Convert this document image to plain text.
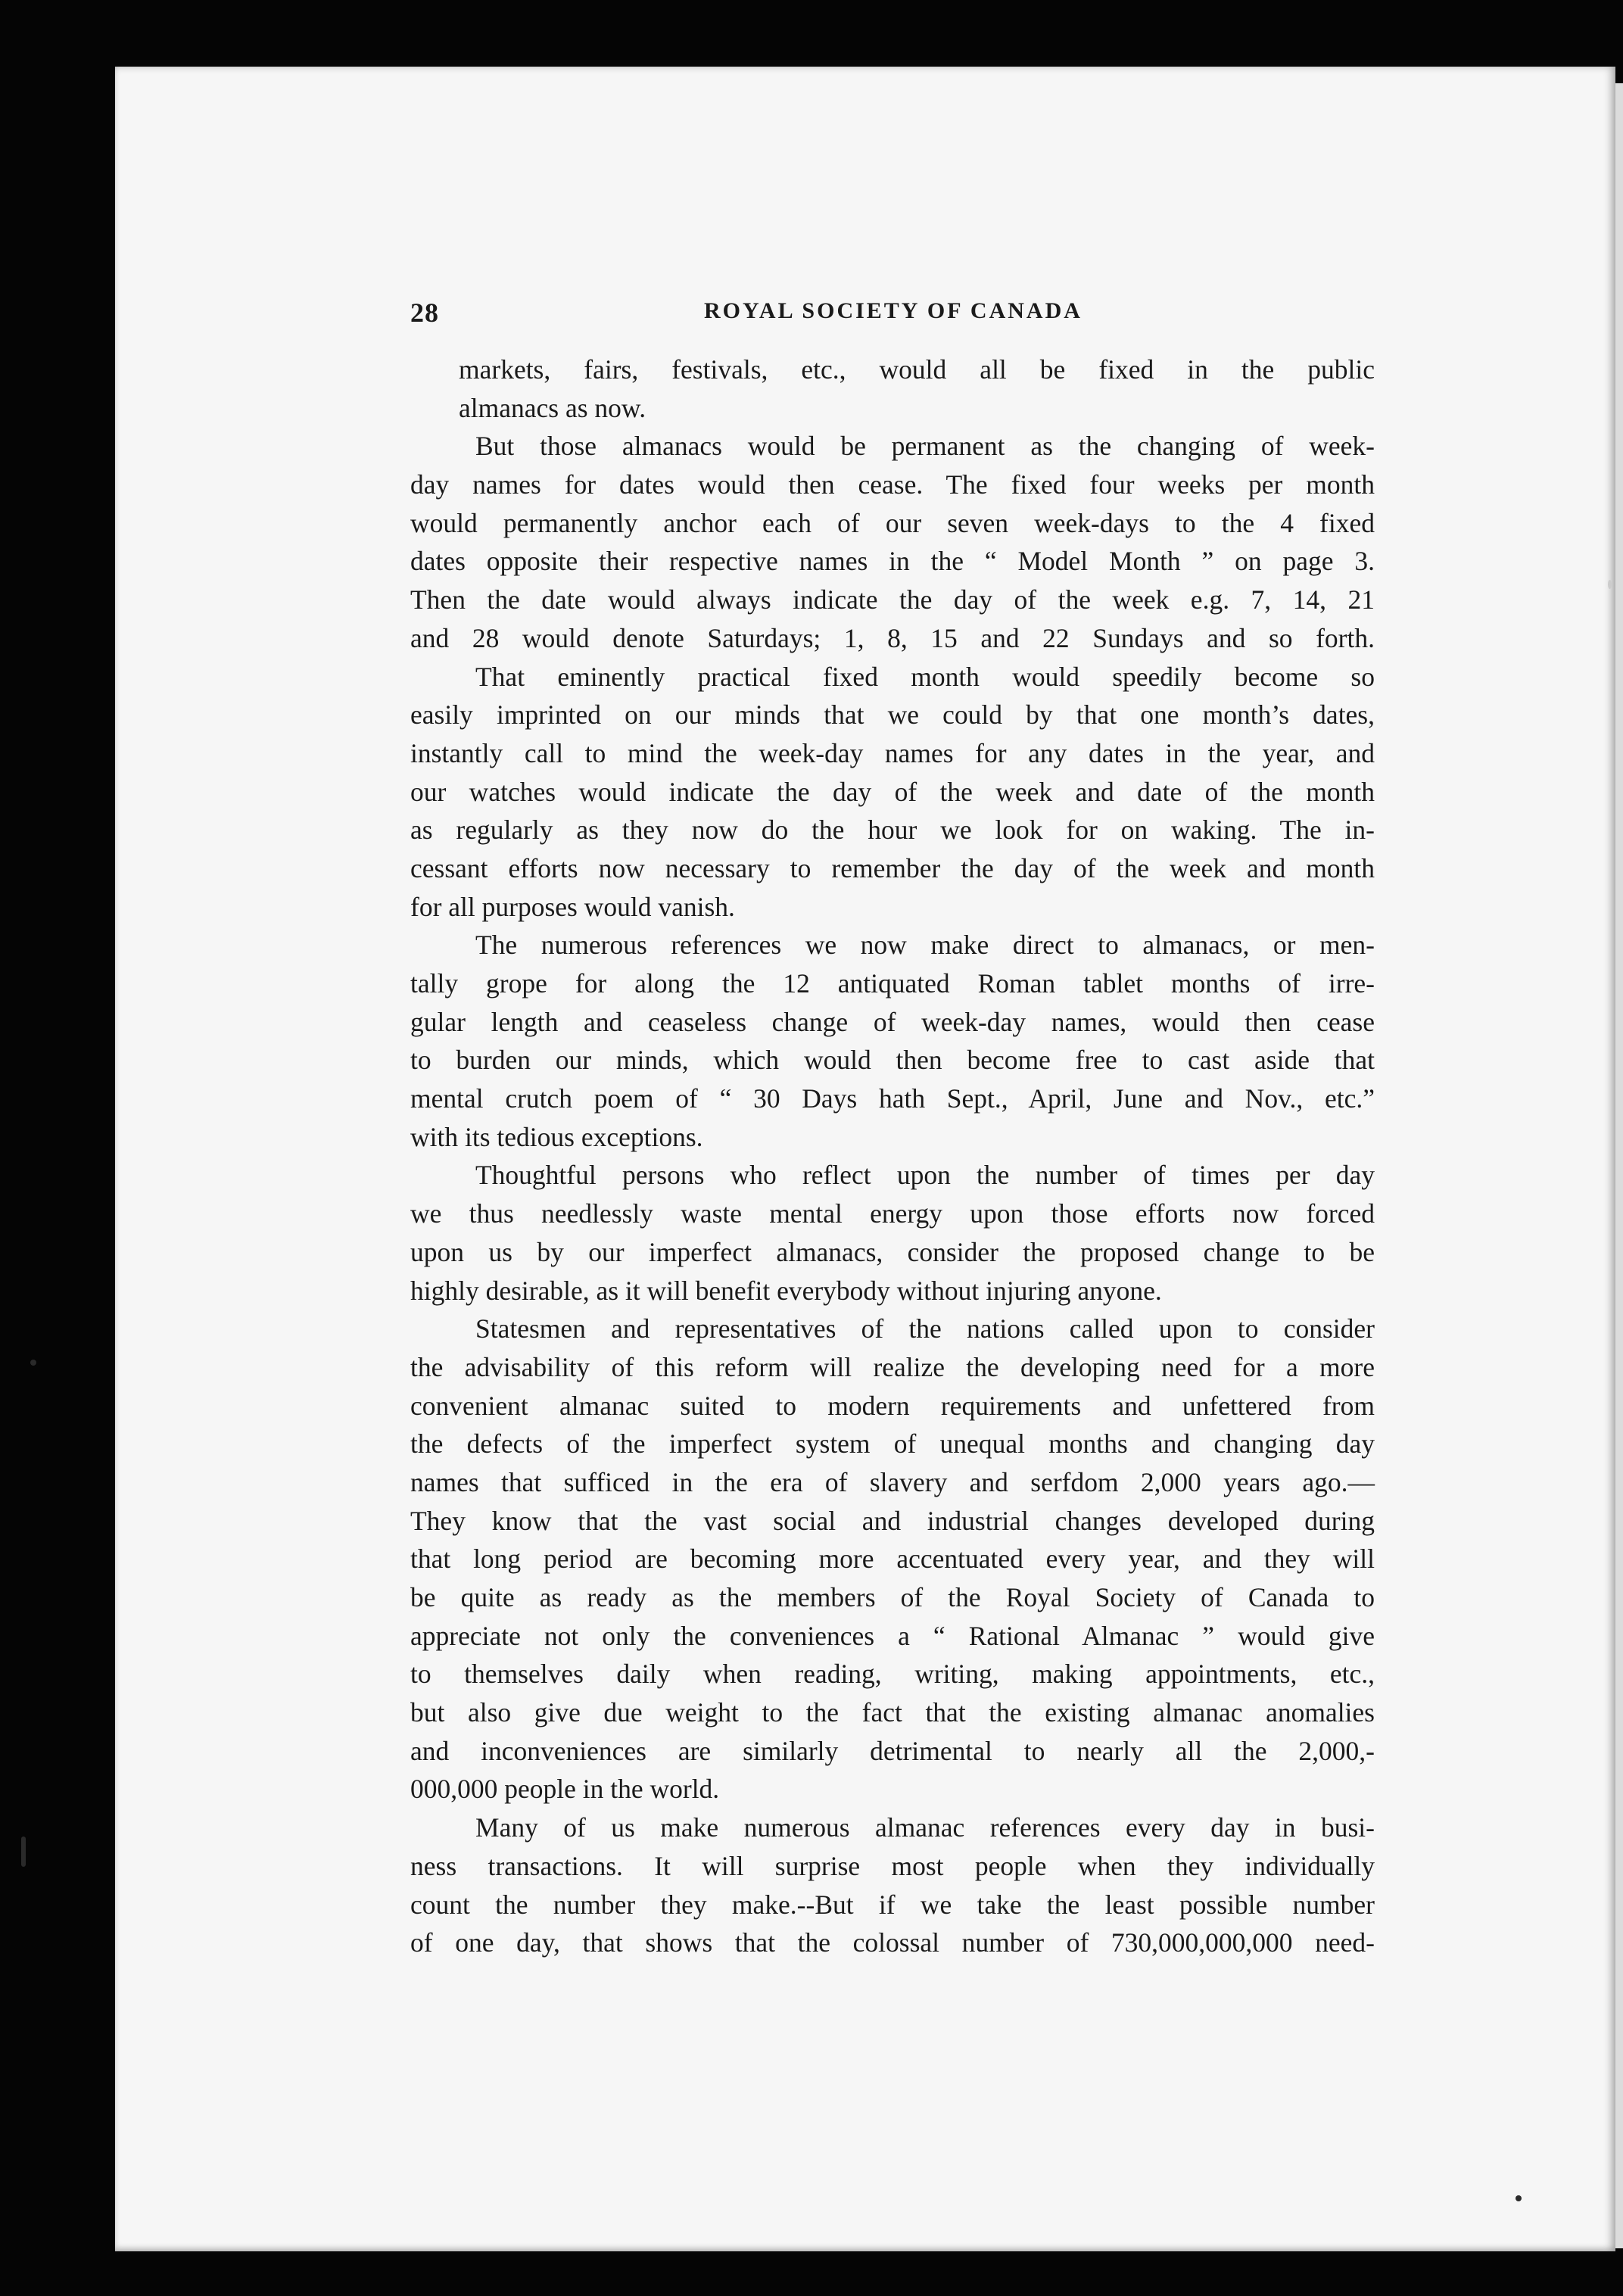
28	ROYAL SOCIETY OF CANADA
markets, fairs, festivals, etc., would all be fixed in the public
almanacs as now.
But those almanacs would be permanent as the changing of week-
day names for dates would then cease. The fixed four weeks per month
would permanently anchor each of our seven week-days to the 4 fixed
dates opposite their respective names in the “ Model Month ” on page 3.
Then the date would always indicate the day of the week e.g. 7, 14, 21
and 28 would denote Saturdays; 1, 8, 15 and 22 Sundays and so forth.
That eminently practical fixed month would speedily become so
easily imprinted on our minds that we could by that one month’s dates,
instantly call to mind the week-day names for any dates in the year, and
our watches would indicate the day of the week and date of the month
as regularly as they now do the hour we look for on waking. The in-
cessant efforts now necessary to remember the day of the week and month
for all purposes would vanish.
The numerous references we now make direct to almanacs, or men-
tally grope for along the 12 antiquated Roman tablet months of irre-
gular length and ceaseless change of week-day names, would then cease
to burden our minds, which would then become free to cast aside that
mental crutch poem of “ 30 Days hath Sept., April, June and Nov., etc.”
with its tedious exceptions.
Thoughtful persons who reflect upon the number of times per day
we thus needlessly waste mental energy upon those efforts now forced
upon us by our imperfect almanacs, consider the proposed change to be
highly desirable, as it will benefit everybody without injuring anyone.
Statesmen and representatives of the nations called upon to consider
the advisability of this reform will realize the developing need for a more
convenient almanac suited to modern requirements and unfettered from
the defects of the imperfect system of unequal months and changing day
names that sufficed in the era of slavery and serfdom 2,000 years ago.—
They know that the vast social and industrial changes developed during
that long period are becoming more accentuated every year, and they will
be quite as ready as the members of the Royal Society of Canada to
appreciate not only the conveniences a “ Rational Almanac ” would give
to themselves daily when reading, writing, making appointments, etc.,
but also give due weight to the fact that the existing almanac anomalies
and inconveniences are similarly detrimental to nearly all the 2,000,-
000,000 people in the world.
Many of us make numerous almanac references every day in busi-
ness transactions. It will surprise most people when they individually
count the number they make.--But if we take the least possible number
of one day, that shows that the colossal number of 730,000,000,000 need-
